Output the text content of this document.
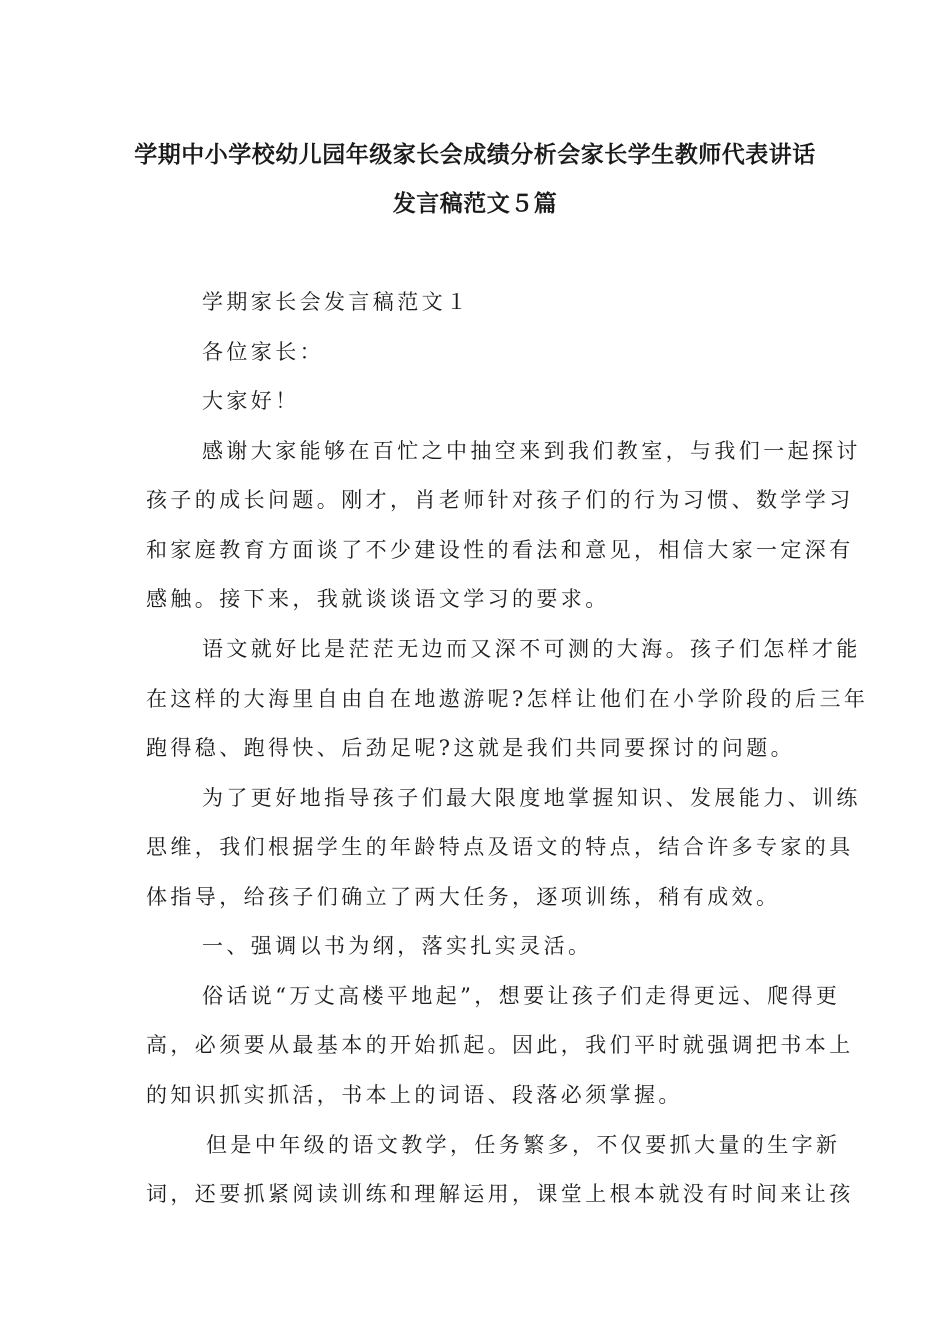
学期中小学校幼儿园年级家长会成绩分析会家长学生教师代表讲话
发言稿范文５篇

学期家长会发言稿范文１

各位家长：

大家好！

感谢大家能够在百忙之中抽空来到我们教室，与我们一起探讨

孩子的成长问题。刚才，肖老师针对孩子们的行为习惯、数学学习

和家庭教育方面谈了不少建设性的看法和意见，相信大家一定深有

感触。接下来，我就谈谈语文学习的要求。

语文就好比是茫茫无边而又深不可测的大海。孩子们怎样才能

在这样的大海里自由自在地遨游呢?怎样让他们在小学阶段的后三年

跑得稳、跑得快、后劲足呢?这就是我们共同要探讨的问题。

为了更好地指导孩子们最大限度地掌握知识、发展能力、训练

思维，我们根据学生的年龄特点及语文的特点，结合许多专家的具

体指导，给孩子们确立了两大任务，逐项训练，稍有成效。

一、强调以书为纲，落实扎实灵活。

俗话说“万丈高楼平地起”，想要让孩子们走得更远、爬得更

高，必须要从最基本的开始抓起。因此，我们平时就强调把书本上

的知识抓实抓活，书本上的词语、段落必须掌握。

但是中年级的语文教学，任务繁多，不仅要抓大量的生字新

词，还要抓紧阅读训练和理解运用，课堂上根本就没有时间来让孩
